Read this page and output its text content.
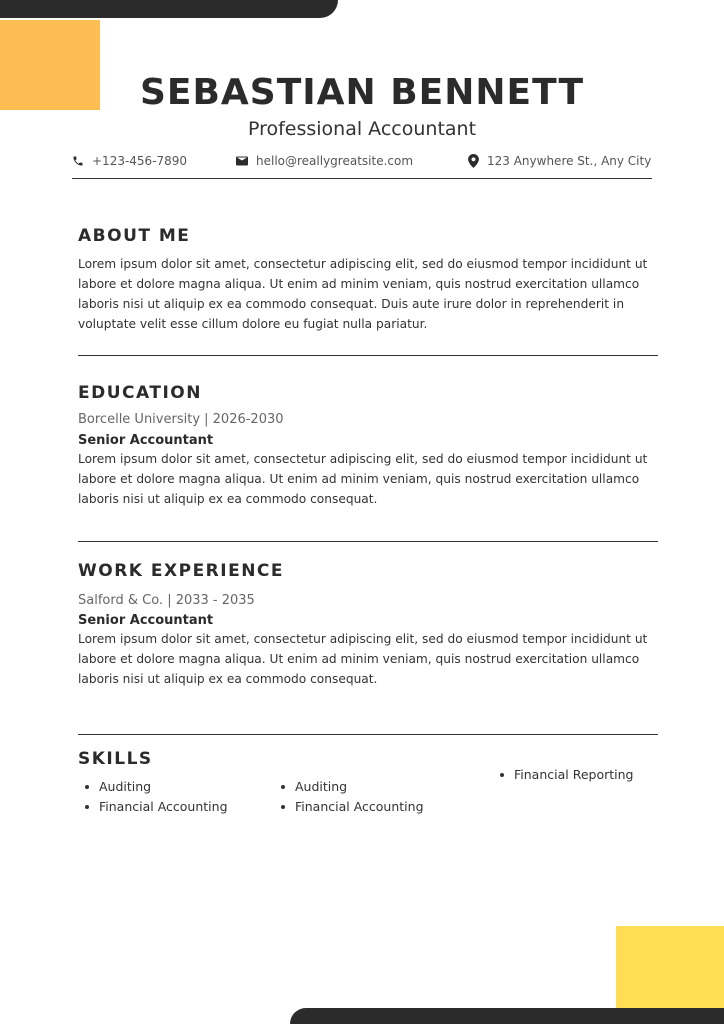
SEBASTIAN BENNETT
Professional Accountant
+123-456-7890	hello@reallygreatsite.com	123 Anywhere St., Any City
ABOUT ME
Lorem ipsum dolor sit amet, consectetur adipiscing elit, sed do eiusmod tempor incididunt ut labore et dolore magna aliqua. Ut enim ad minim veniam, quis nostrud exercitation ullamco laboris nisi ut aliquip ex ea commodo consequat. Duis aute irure dolor in reprehenderit in voluptate velit esse cillum dolore eu fugiat nulla pariatur.
EDUCATION
Borcelle University | 2026-2030
Senior Accountant
Lorem ipsum dolor sit amet, consectetur adipiscing elit, sed do eiusmod tempor incididunt ut labore et dolore magna aliqua. Ut enim ad minim veniam, quis nostrud exercitation ullamco laboris nisi ut aliquip ex ea commodo consequat.
WORK EXPERIENCE
Salford & Co. | 2033 - 2035
Senior Accountant
Lorem ipsum dolor sit amet, consectetur adipiscing elit, sed do eiusmod tempor incididunt ut labore et dolore magna aliqua. Ut enim ad minim veniam, quis nostrud exercitation ullamco laboris nisi ut aliquip ex ea commodo consequat.
SKILLS
Auditing
Financial Accounting
Auditing
Financial Accounting
Financial Reporting
